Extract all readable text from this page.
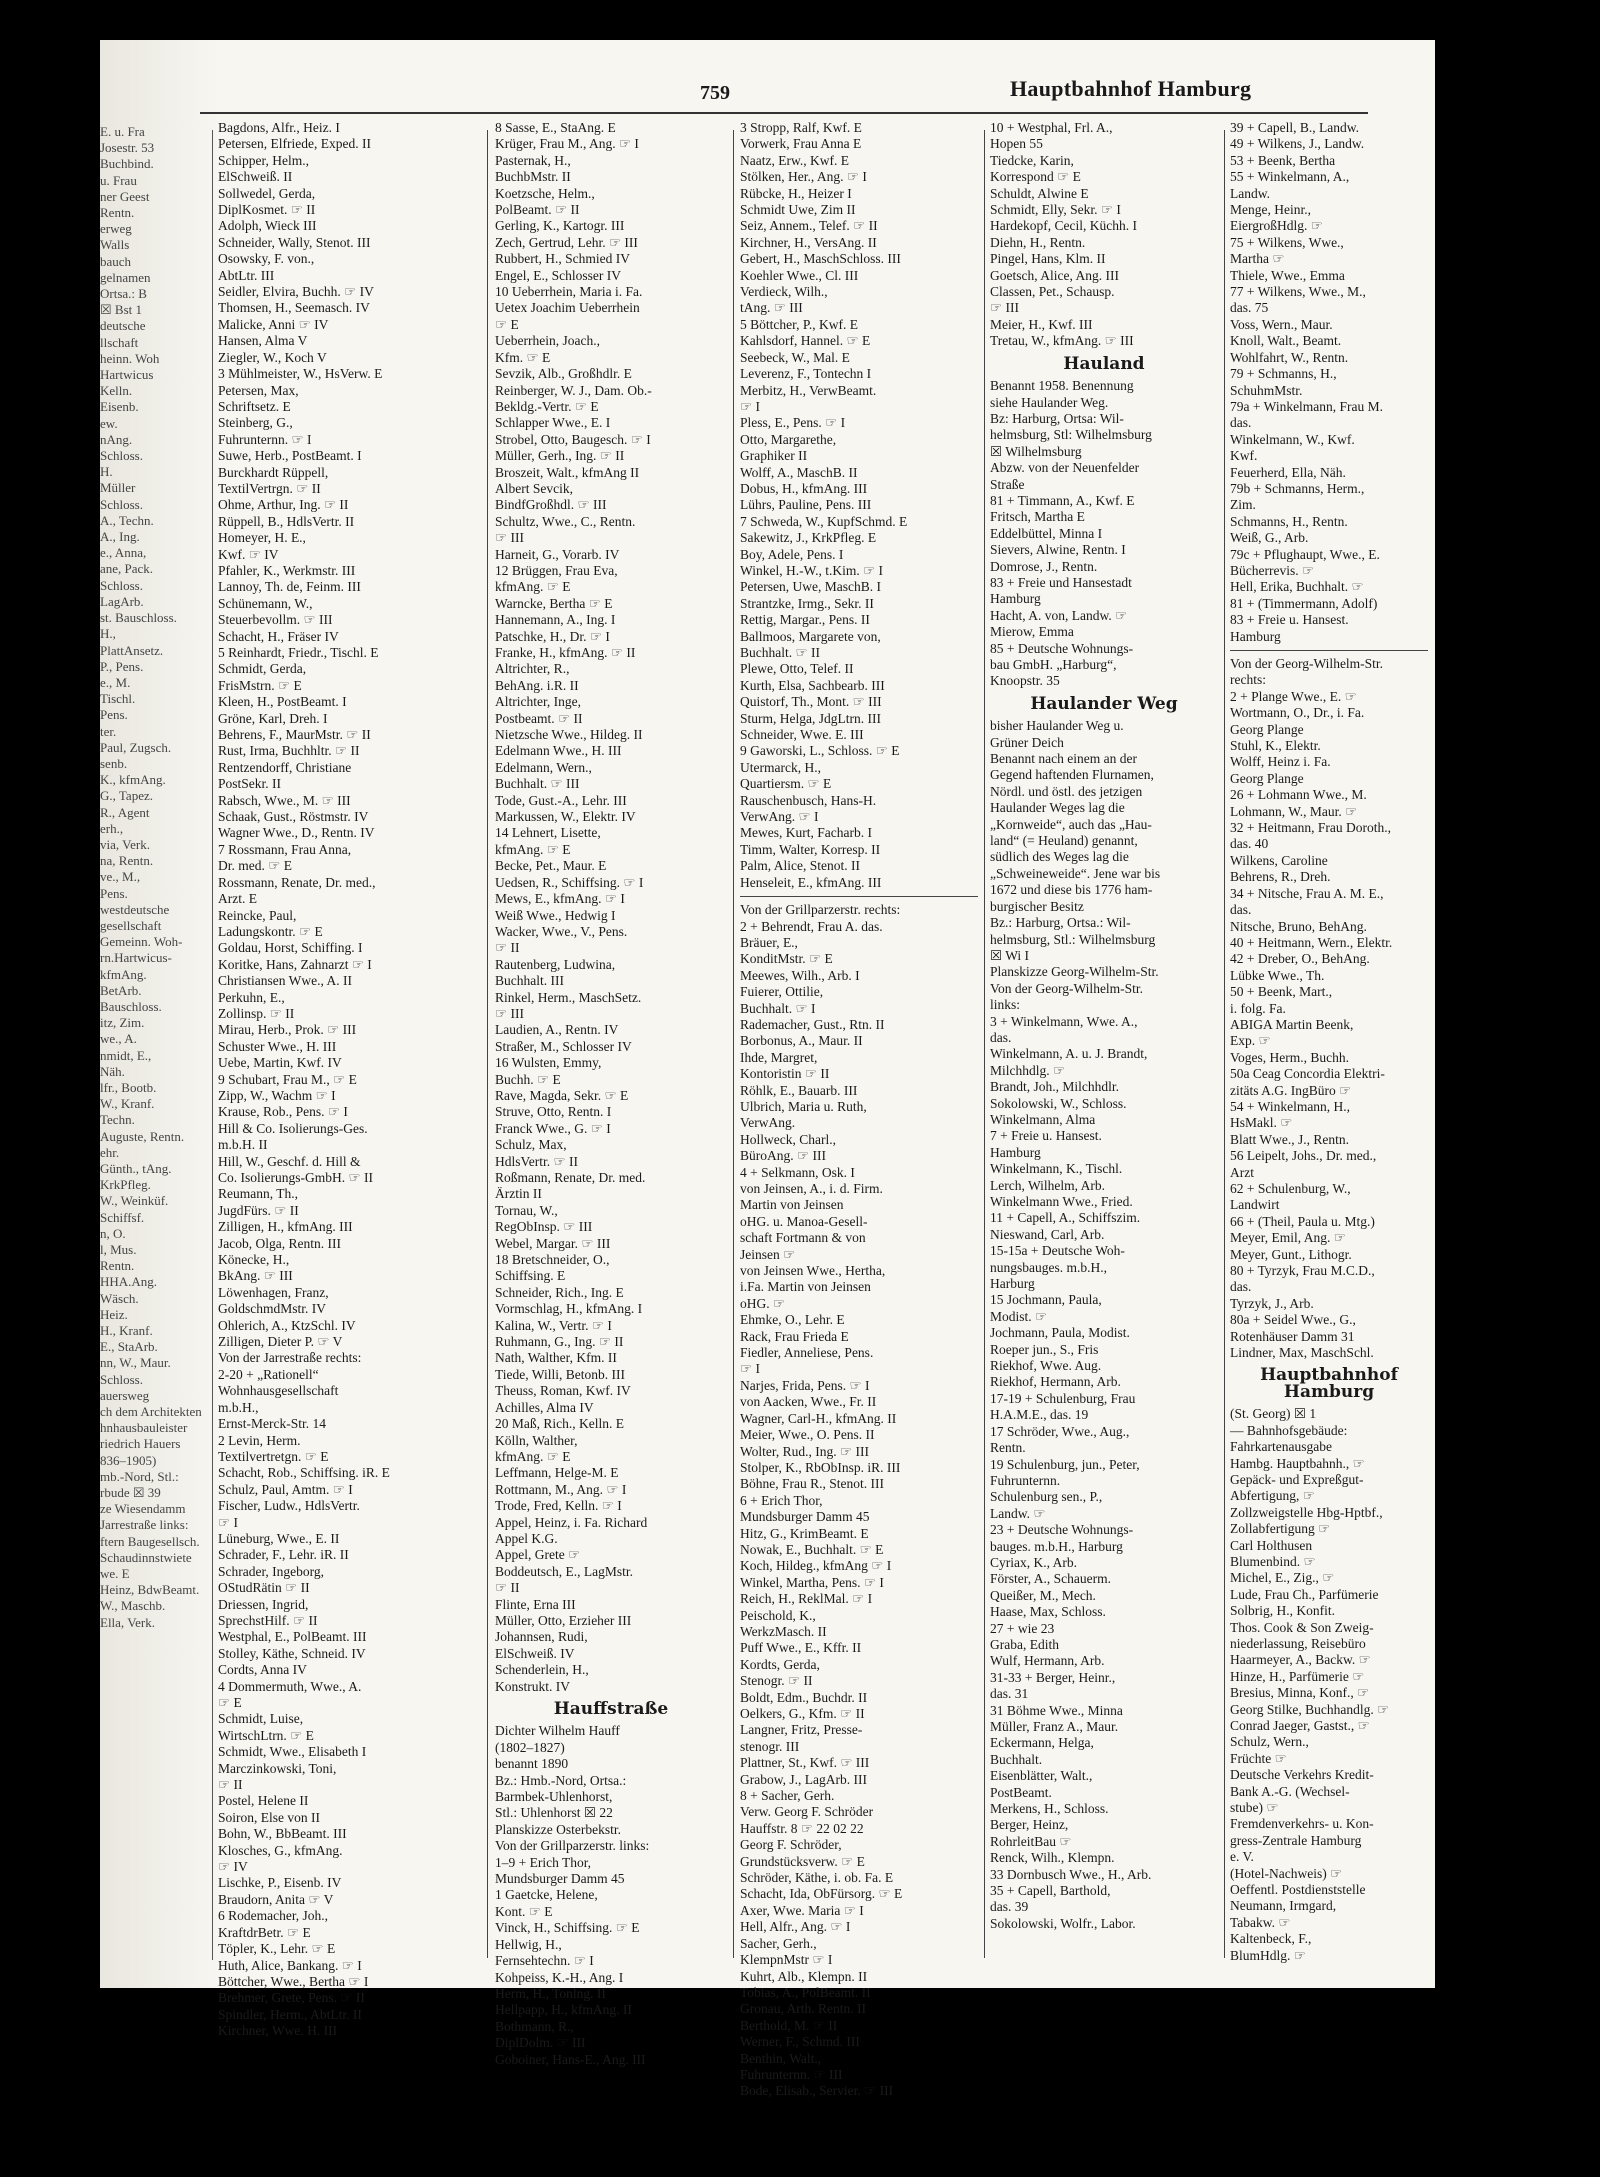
E. u. Fra
Josestr. 53
Buchbind.
u. Frau
ner Geest
Rentn.
erweg
Walls
bauch
gelnamen
Ortsa.: B
☒ Bst 1
deutsche
llschaft
heinn. Woh
Hartwicus
Kelln.
Eisenb.
ew.
nAng.
Schloss.
H.
Müller
Schloss.
A., Techn.
A., Ing.
e., Anna,
ane, Pack.
Schloss.
LagArb.
st. Bauschloss.
H.,
PlattAnsetz.
P., Pens.
e., M.
Tischl.
Pens.
ter.
Paul, Zugsch.
senb.
K., kfmAng.
G., Tapez.
R., Agent
erh.,
via, Verk.
na, Rentn.
ve., M.,
Pens.
westdeutsche
gesellschaft
Gemeinn. Woh-
rn.Hartwicus-
kfmAng.
BetArb.
Bauschloss.
itz, Zim.
we., A.
nmidt, E.,
Näh.
lfr., Bootb.
W., Kranf.
Techn.
Auguste, Rentn.
ehr.
Günth., tAng.
KrkPfleg.
W., Weinküf.
Schiffsf.
n, O.
l, Mus.
Rentn.
HHA.Ang.
Wäsch.
Heiz.
H., Kranf.
E., StaArb.
nn, W., Maur.
Schloss.
auersweg
ch dem Architekten
hnhausbauleister
riedrich Hauers
836–1905)
mb.-Nord, Stl.:
rbude ☒ 39
ze Wiesendamm
Jarrestraße links:
ftern Baugesellsch.
Schaudinnstwiete
we. E
Heinz, BdwBeamt.
W., Maschb.
Ella, Verk.
759	Hauptbahnhof Hamburg
Bagdons, Alfr., Heiz. I
Petersen, Elfriede, Exped. II
Schipper, Helm.,
ElSchweiß. II
Sollwedel, Gerda,
DiplKosmet. ☞ II
Adolph, Wieck III
Schneider, Wally, Stenot. III
Osowsky, F. von.,
AbtLtr. III
Seidler, Elvira, Buchh. ☞ IV
Thomsen, H., Seemasch. IV
Malicke, Anni ☞ IV
Hansen, Alma V
Ziegler, W., Koch V
3 Mühlmeister, W., HsVerw. E
Petersen, Max,
Schriftsetz. E
Steinberg, G.,
Fuhrunternn. ☞ I
Suwe, Herb., PostBeamt. I
Burckhardt Rüppell,
TextilVertrgn. ☞ II
Ohme, Arthur, Ing. ☞ II
Rüppell, B., HdlsVertr. II
Homeyer, H. E.,
Kwf. ☞ IV
Pfahler, K., Werkmstr. III
Lannoy, Th. de, Feinm. III
Schünemann, W.,
Steuerbevollm. ☞ III
Schacht, H., Fräser IV
5 Reinhardt, Friedr., Tischl. E
Schmidt, Gerda,
FrisMstrn. ☞ E
Kleen, H., PostBeamt. I
Gröne, Karl, Dreh. I
Behrens, F., MaurMstr. ☞ II
Rust, Irma, Buchhltr. ☞ II
Rentzendorff, Christiane
PostSekr. II
Rabsch, Wwe., M. ☞ III
Schaak, Gust., Röstmstr. IV
Wagner Wwe., D., Rentn. IV
7 Rossmann, Frau Anna,
Dr. med. ☞ E
Rossmann, Renate, Dr. med.,
Arzt. E
Reincke, Paul,
Ladungskontr. ☞ E
Goldau, Horst, Schiffing. I
Koritke, Hans, Zahnarzt ☞ I
Christiansen Wwe., A. II
Perkuhn, E.,
Zollinsp. ☞ II
Mirau, Herb., Prok. ☞ III
Schuster Wwe., H. III
Uebe, Martin, Kwf. IV
9 Schubart, Frau M., ☞ E
Zipp, W., Wachm ☞ I
Krause, Rob., Pens. ☞ I
Hill & Co. Isolierungs-Ges.
m.b.H. II
Hill, W., Geschf. d. Hill &
Co. Isolierungs-GmbH. ☞ II
Reumann, Th.,
JugdFürs. ☞ II
Zilligen, H., kfmAng. III
Jacob, Olga, Rentn. III
Könecke, H.,
BkAng. ☞ III
Löwenhagen, Franz,
GoldschmdMstr. IV
Ohlerich, A., KtzSchl. IV
Zilligen, Dieter P. ☞ V
Von der Jarrestraße rechts:
2-20 + „Rationell“
Wohnhausgesellschaft
m.b.H.,
Ernst-Merck-Str. 14
2 Levin, Herm.
Textilvertretgn. ☞ E
Schacht, Rob., Schiffsing. iR. E
Schulz, Paul, Amtm. ☞ I
Fischer, Ludw., HdlsVertr.
☞ I
Lüneburg, Wwe., E. II
Schrader, F., Lehr. iR. II
Schrader, Ingeborg,
OStudRätin ☞ II
Driessen, Ingrid,
SprechstHilf. ☞ II
Westphal, E., PolBeamt. III
Stolley, Käthe, Schneid. IV
Cordts, Anna IV
4 Dommermuth, Wwe., A.
☞ E
Schmidt, Luise,
WirtschLtrn. ☞ E
Schmidt, Wwe., Elisabeth I
Marczinkowski, Toni,
☞ II
Postel, Helene II
Soiron, Else von II
Bohn, W., BbBeamt. III
Klosches, G., kfmAng.
☞ IV
Lischke, P., Eisenb. IV
Braudorn, Anita ☞ V
6 Rodemacher, Joh.,
KraftdrBetr. ☞ E
Töpler, K., Lehr. ☞ E
Huth, Alice, Bankang. ☞ I
Böttcher, Wwe., Bertha ☞ I
Brehmer, Grete, Pens. ☞ II
Spindler, Herm., AbtLtr. II
Kirchner, Wwe. H. III
8 Sasse, E., StaAng. E
Krüger, Frau M., Ang. ☞ I
Pasternak, H.,
BuchbMstr. II
Koetzsche, Helm.,
PolBeamt. ☞ II
Gerling, K., Kartogr. III
Zech, Gertrud, Lehr. ☞ III
Rubbert, H., Schmied IV
Engel, E., Schlosser IV
10 Ueberrhein, Maria i. Fa.
Uetex Joachim Ueberrhein
☞ E
Ueberrhein, Joach.,
Kfm. ☞ E
Sevzik, Alb., Großhdlr. E
Reinberger, W. J., Dam. Ob.-
Bekldg.-Vertr. ☞ E
Schlapper Wwe., E. I
Strobel, Otto, Baugesch. ☞ I
Müller, Gerh., Ing. ☞ II
Broszeit, Walt., kfmAng II
Albert Sevcik,
BindfGroßhdl. ☞ III
Schultz, Wwe., C., Rentn.
☞ III
Harneit, G., Vorarb. IV
12 Brüggen, Frau Eva,
kfmAng. ☞ E
Warncke, Bertha ☞ E
Hannemann, A., Ing. I
Patschke, H., Dr. ☞ I
Franke, H., kfmAng. ☞ II
Altrichter, R.,
BehAng. i.R. II
Altrichter, Inge,
Postbeamt. ☞ II
Nietzsche Wwe., Hildeg. II
Edelmann Wwe., H. III
Edelmann, Wern.,
Buchhalt. ☞ III
Tode, Gust.-A., Lehr. III
Markussen, W., Elektr. IV
14 Lehnert, Lisette,
kfmAng. ☞ E
Becke, Pet., Maur. E
Uedsen, R., Schiffsing. ☞ I
Mews, E., kfmAng. ☞ I
Weiß Wwe., Hedwig I
Wacker, Wwe., V., Pens.
☞ II
Rautenberg, Ludwina,
Buchhalt. III
Rinkel, Herm., MaschSetz.
☞ III
Laudien, A., Rentn. IV
Straßer, M., Schlosser IV
16 Wulsten, Emmy,
Buchh. ☞ E
Rave, Magda, Sekr. ☞ E
Struve, Otto, Rentn. I
Franck Wwe., G. ☞ I
Schulz, Max,
HdlsVertr. ☞ II
Roßmann, Renate, Dr. med.
Ärztin II
Tornau, W.,
RegObInsp. ☞ III
Webel, Margar. ☞ III
18 Bretschneider, O.,
Schiffsing. E
Schneider, Rich., Ing. E
Vormschlag, H., kfmAng. I
Kalina, W., Vertr. ☞ I
Ruhmann, G., Ing. ☞ II
Nath, Walther, Kfm. II
Tiede, Willi, Betonb. III
Theuss, Roman, Kwf. IV
Achilles, Alma IV
20 Maß, Rich., Kelln. E
Kölln, Walther,
kfmAng. ☞ E
Leffmann, Helge-M. E
Rottmann, M., Ang. ☞ I
Trode, Fred, Kelln. ☞ I
Appel, Heinz, i. Fa. Richard
Appel K.G.
Appel, Grete ☞
Boddeutsch, E., LagMstr.
☞ II
Flinte, Erna III
Müller, Otto, Erzieher III
Johannsen, Rudi,
ElSchweiß. IV
Schenderlein, H.,
Konstrukt. IV
Hauffstraße
Dichter Wilhelm Hauff
(1802–1827)
benannt 1890
Bz.: Hmb.-Nord, Ortsa.:
Barmbek-Uhlenhorst,
Stl.: Uhlenhorst ☒ 22
Planskizze Osterbekstr.
Von der Grillparzerstr. links:
1–9 + Erich Thor,
Mundsburger Damm 45
1 Gaetcke, Helene,
Kont. ☞ E
Vinck, H., Schiffsing. ☞ E
Hellwig, H.,
Fernsehtechn. ☞ I
Kohpeiss, K.-H., Ang. I
Herm, H., Tonlng. II
Hellpapp, H., kfmAng. II
Bothmann, R.,
DiplDolm. ☞ III
Goboiner, Hans-E., Ang. III
3 Stropp, Ralf, Kwf. E
Vorwerk, Frau Anna E
Naatz, Erw., Kwf. E
Stölken, Her., Ang. ☞ I
Rübcke, H., Heizer I
Schmidt Uwe, Zim II
Seiz, Annem., Telef. ☞ II
Kirchner, H., VersAng. II
Gebert, H., MaschSchloss. III
Koehler Wwe., Cl. III
Verdieck, Wilh.,
tAng. ☞ III
5 Böttcher, P., Kwf. E
Kahlsdorf, Hannel. ☞ E
Seebeck, W., Mal. E
Leverenz, F., Tontechn I
Merbitz, H., VerwBeamt.
☞ I
Pless, E., Pens. ☞ I
Otto, Margarethe,
Graphiker II
Wolff, A., MaschB. II
Dobus, H., kfmAng. III
Lührs, Pauline, Pens. III
7 Schweda, W., KupfSchmd. E
Sakewitz, J., KrkPfleg. E
Boy, Adele, Pens. I
Winkel, H.-W., t.Kim. ☞ I
Petersen, Uwe, MaschB. I
Strantzke, Irmg., Sekr. II
Rettig, Margar., Pens. II
Ballmoos, Margarete von,
Buchhalt. ☞ II
Plewe, Otto, Telef. II
Kurth, Elsa, Sachbearb. III
Quistorf, Th., Mont. ☞ III
Sturm, Helga, JdgLtrn. III
Schneider, Wwe. E. III
9 Gaworski, L., Schloss. ☞ E
Utermarck, H.,
Quartiersm. ☞ E
Rauschenbusch, Hans-H.
VerwAng. ☞ I
Mewes, Kurt, Facharb. I
Timm, Walter, Korresp. II
Palm, Alice, Stenot. II
Henseleit, E., kfmAng. III
Von der Grillparzerstr. rechts:
2 + Behrendt, Frau A. das.
Bräuer, E.,
KonditMstr. ☞ E
Meewes, Wilh., Arb. I
Fuierer, Ottilie,
Buchhalt. ☞ I
Rademacher, Gust., Rtn. II
Borbonus, A., Maur. II
Ihde, Margret,
Kontoristin ☞ II
Röhlk, E., Bauarb. III
Ulbrich, Maria u. Ruth,
VerwAng.
Hollweck, Charl.,
BüroAng. ☞ III
4 + Selkmann, Osk. I
von Jeinsen, A., i. d. Firm.
Martin von Jeinsen
oHG. u. Manoa-Gesell-
schaft Fortmann & von
Jeinsen ☞
von Jeinsen Wwe., Hertha,
i.Fa. Martin von Jeinsen
oHG. ☞
Ehmke, O., Lehr. E
Rack, Frau Frieda E
Fiedler, Anneliese, Pens.
☞ I
Narjes, Frida, Pens. ☞ I
von Aacken, Wwe., Fr. II
Wagner, Carl-H., kfmAng. II
Meier, Wwe., O. Pens. II
Wolter, Rud., Ing. ☞ III
Stolper, K., RbObInsp. iR. III
Böhne, Frau R., Stenot. III
6 + Erich Thor,
Mundsburger Damm 45
Hitz, G., KrimBeamt. E
Nowak, E., Buchhalt. ☞ E
Koch, Hildeg., kfmAng ☞ I
Winkel, Martha, Pens. ☞ I
Reich, H., ReklMal. ☞ I
Peischold, K.,
WerkzMasch. II
Puff Wwe., E., Kffr. II
Kordts, Gerda,
Stenogr. ☞ II
Boldt, Edm., Buchdr. II
Oelkers, G., Kfm. ☞ II
Langner, Fritz, Presse-
stenogr. III
Plattner, St., Kwf. ☞ III
Grabow, J., LagArb. III
8 + Sacher, Gerh.
Verw. Georg F. Schröder
Hauffstr. 8 ☞ 22 02 22
Georg F. Schröder,
Grundstücksverw. ☞ E
Schröder, Käthe, i. ob. Fa. E
Schacht, Ida, ObFürsorg. ☞ E
Axer, Wwe. Maria ☞ I
Hell, Alfr., Ang. ☞ I
Sacher, Gerh.,
KlempnMstr ☞ I
Kuhrt, Alb., Klempn. II
Tobias, A., PolBeamt. II
Gronau, Arth. Rentn. II
Berthold, M. ☞ II
Werner, F., Schmd. III
Benthin, Walt.,
Fuhrunternn. ☞ III
Bode, Elisab., Servier. ☞ III
10 + Westphal, Frl. A.,
Hopen 55
Tiedcke, Karin,
Korrespond ☞ E
Schuldt, Alwine E
Schmidt, Elly, Sekr. ☞ I
Hardekopf, Cecil, Küchh. I
Diehn, H., Rentn.
Pingel, Hans, Klm. II
Goetsch, Alice, Ang. III
Classen, Pet., Schausp.
☞ III
Meier, H., Kwf. III
Tretau, W., kfmAng. ☞ III
Hauland
Benannt 1958. Benennung
siehe Haulander Weg.
Bz: Harburg, Ortsa: Wil-
helmsburg, Stl: Wilhelmsburg
☒ Wilhelmsburg
Abzw. von der Neuenfelder
Straße
81 + Timmann, A., Kwf. E
Fritsch, Martha E
Eddelbüttel, Minna I
Sievers, Alwine, Rentn. I
Domrose, J., Rentn.
83 + Freie und Hansestadt
Hamburg
Hacht, A. von, Landw. ☞
Mierow, Emma
85 + Deutsche Wohnungs-
bau GmbH. „Harburg“,
Knoopstr. 35
Haulander Weg
bisher Haulander Weg u.
Grüner Deich
Benannt nach einem an der
Gegend haftenden Flurnamen,
Nördl. und östl. des jetzigen
Haulander Weges lag die
„Kornweide“, auch das „Hau-
land“ (= Heuland) genannt,
südlich des Weges lag die
„Schweineweide“. Jene war bis
1672 und diese bis 1776 ham-
burgischer Besitz
Bz.: Harburg, Ortsa.: Wil-
helmsburg, Stl.: Wilhelmsburg
☒ Wi I
Planskizze Georg-Wilhelm-Str.
Von der Georg-Wilhelm-Str.
links:
3 + Winkelmann, Wwe. A.,
das.
Winkelmann, A. u. J. Brandt,
Milchhdlg. ☞
Brandt, Joh., Milchhdlr.
Sokolowski, W., Schloss.
Winkelmann, Alma
7 + Freie u. Hansest.
Hamburg
Winkelmann, K., Tischl.
Lerch, Wilhelm, Arb.
Winkelmann Wwe., Fried.
11 + Capell, A., Schiffszim.
Nieswand, Carl, Arb.
15-15a + Deutsche Woh-
nungsbauges. m.b.H.,
Harburg
15 Jochmann, Paula,
Modist. ☞
Jochmann, Paula, Modist.
Roeper jun., S., Fris
Riekhof, Wwe. Aug.
Riekhof, Hermann, Arb.
17-19 + Schulenburg, Frau
H.A.M.E., das. 19
17 Schröder, Wwe., Aug.,
Rentn.
19 Schulenburg, jun., Peter,
Fuhrunternn.
Schulenburg sen., P.,
Landw. ☞
23 + Deutsche Wohnungs-
bauges. m.b.H., Harburg
Cyriax, K., Arb.
Förster, A., Schauerm.
Queißer, M., Mech.
Haase, Max, Schloss.
27 + wie 23
Graba, Edith
Wulf, Hermann, Arb.
31-33 + Berger, Heinr.,
das. 31
31 Böhme Wwe., Minna
Müller, Franz A., Maur.
Eckermann, Helga,
Buchhalt.
Eisenblätter, Walt.,
PostBeamt.
Merkens, H., Schloss.
Berger, Heinz,
RohrleitBau ☞
Renck, Wilh., Klempn.
33 Dornbusch Wwe., H., Arb.
35 + Capell, Barthold,
das. 39
Sokolowski, Wolfr., Labor.
39 + Capell, B., Landw.
49 + Wilkens, J., Landw.
53 + Beenk, Bertha
55 + Winkelmann, A.,
Landw.
Menge, Heinr.,
EiergroßHdlg. ☞
75 + Wilkens, Wwe.,
Martha ☞
Thiele, Wwe., Emma
77 + Wilkens, Wwe., M.,
das. 75
Voss, Wern., Maur.
Knoll, Walt., Beamt.
Wohlfahrt, W., Rentn.
79 + Schmanns, H.,
SchuhmMstr.
79a + Winkelmann, Frau M.
das.
Winkelmann, W., Kwf.
Kwf.
Feuerherd, Ella, Näh.
79b + Schmanns, Herm.,
Zim.
Schmanns, H., Rentn.
Weiß, G., Arb.
79c + Pflughaupt, Wwe., E.
Bücherrevis. ☞
Hell, Erika, Buchhalt. ☞
81 + (Timmermann, Adolf)
83 + Freie u. Hansest.
Hamburg
Von der Georg-Wilhelm-Str.
rechts:
2 + Plange Wwe., E. ☞
Wortmann, O., Dr., i. Fa.
Georg Plange
Stuhl, K., Elektr.
Wolff, Heinz i. Fa.
Georg Plange
26 + Lohmann Wwe., M.
Lohmann, W., Maur. ☞
32 + Heitmann, Frau Doroth.,
das. 40
Wilkens, Caroline
Behrens, R., Dreh.
34 + Nitsche, Frau A. M. E.,
das.
Nitsche, Bruno, BehAng.
40 + Heitmann, Wern., Elektr.
42 + Dreber, O., BehAng.
Lübke Wwe., Th.
50 + Beenk, Mart.,
i. folg. Fa.
ABIGA Martin Beenk,
Exp. ☞
Voges, Herm., Buchh.
50a Ceag Concordia Elektri-
zitäts A.G. IngBüro ☞
54 + Winkelmann, H.,
HsMakl. ☞
Blatt Wwe., J., Rentn.
56 Leipelt, Johs., Dr. med.,
Arzt
62 + Schulenburg, W.,
Landwirt
66 + (Theil, Paula u. Mtg.)
Meyer, Emil, Ang. ☞
Meyer, Gunt., Lithogr.
80 + Tyrzyk, Frau M.C.D.,
das.
Tyrzyk, J., Arb.
80a + Seidel Wwe., G.,
Rotenhäuser Damm 31
Lindner, Max, MaschSchl.
Hauptbahnhof Hamburg
(St. Georg) ☒ 1
— Bahnhofsgebäude:
Fahrkartenausgabe
Hambg. Hauptbahnh., ☞
Gepäck- und Expreßgut-
Abfertigung, ☞
Zollzweigstelle Hbg-Hptbf.,
Zollabfertigung ☞
Carl Holthusen
Blumenbind. ☞
Michel, E., Zig., ☞
Lude, Frau Ch., Parfümerie
Solbrig, H., Konfit.
Thos. Cook & Son Zweig-
niederlassung, Reisebüro
Haarmeyer, A., Backw. ☞
Hinze, H., Parfümerie ☞
Bresius, Minna, Konf., ☞
Georg Stilke, Buchhandlg. ☞
Conrad Jaeger, Gastst., ☞
Schulz, Wern.,
Früchte ☞
Deutsche Verkehrs Kredit-
Bank A.-G. (Wechsel-
stube) ☞
Fremdenverkehrs- u. Kon-
gress-Zentrale Hamburg
e. V.
(Hotel-Nachweis) ☞
Oeffentl. Postdienststelle
Neumann, Irmgard,
Tabakw. ☞
Kaltenbeck, F.,
BlumHdlg. ☞
